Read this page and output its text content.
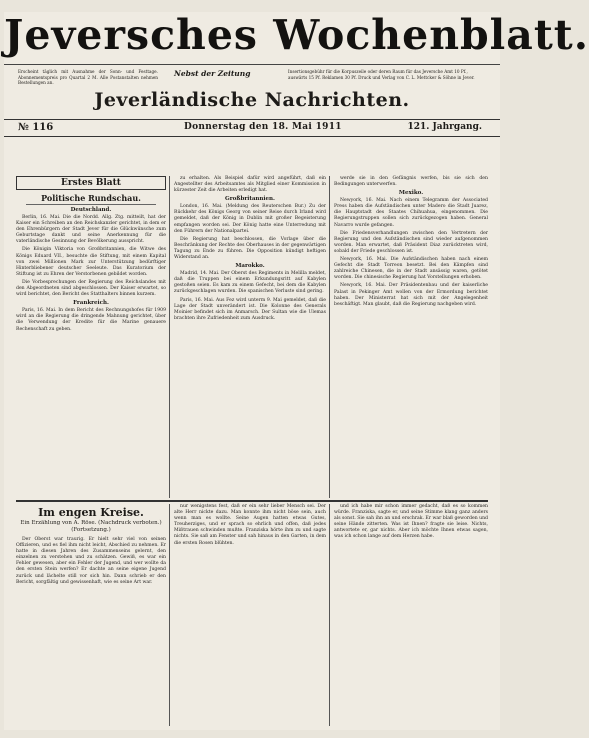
Jeversches Wochenblatt.
Erscheint täglich mit Ausnahme der Sonn- und Festtage. Abonnementspreis pro Quartal 2 M. Alle Postanstalten nehmen Bestellungen an.
Nebst der Zeitung	Insertionsgebühr für die Korpuszeile oder deren Raum für das Jeversche Amt 10 Pf., auswärts 15 Pf. Reklamen 30 Pf. Druck und Verlag von C. L. Mettcker & Söhne in Jever.
Jeverländische Nachrichten.
№ 116	Donnerstag den 18. Mai 1911	121. Jahrgang.
Erstes Blatt
Politische Rundschau.
Deutschland.

Berlin, 16. Mai. Die die Nordd. Allg. Ztg. mitteilt, hat der Kaiser ein Schreiben an den Reichskanzler gerichtet, in dem er den Ehrenbürgern der Stadt Jever für die Glückwünsche zum Geburtstage dankt und seine Anerkennung für die vaterländische Gesinnung der Bevölkerung ausspricht.

Die Königin Viktoria von Großbritannien, die Witwe des Königs Eduard VII., besuchte die Stiftung, mit einem Kapital von zwei Millionen Mark zur Unterstützung bedürftiger Hinterbliebener deutscher Seeleute. Das Kuratorium der Stiftung ist zu Ehren der Verstorbenen gebildet worden.

Die Vorbesprechungen der Regierung des Reichslandes mit den Abgeordneten sind abgeschlossen. Der Kaiser erwartet, so wird berichtet, den Bericht des Statthalters binnen kurzem.

Frankreich.

Paris, 16. Mai. In dem Bericht des Rechnungshofes für 1909 wird an die Regierung die dringende Mahnung gerichtet, über die Verwendung der Kredite für die Marine genauere Rechenschaft zu geben.

zu erhalten. Als Beispiel dafür wird angeführt, daß ein Angestellter des Arbeitsamtes als Mitglied einer Kommission in kürzester Zeit die Arbeiten erledigt hat.

Großbritannien.

London, 16. Mai. (Meldung des Reuterschen Bur.) Zu der Rückkehr des Königs Georg von seiner Reise durch Irland wird gemeldet, daß der König in Dublin mit großer Begeisterung empfangen worden sei. Der König hatte eine Unterredung mit den Führern der Nationalpartei.

Die Regierung hat beschlossen, die Vorlage über die Beschränkung der Rechte des Oberhauses in der gegenwärtigen Tagung zu Ende zu führen. Die Opposition kündigt heftigen Widerstand an.

Marokko.

Madrid, 14. Mai. Der Oberst des Regiments in Melilla meldet, daß die Truppen bei einem Erkundungsritt auf Kabylen gestoßen seien. Es kam zu einem Gefecht, bei dem die Kabylen zurückgeschlagen wurden. Die spanischen Verluste sind gering.

Paris, 16. Mai. Aus Fez wird unterm 9. Mai gemeldet, daß die Lage der Stadt unverändert ist. Die Kolonne des Generals Moinier befindet sich im Anmarsch. Der Sultan wie die Ulemas brachten ihre Zufriedenheit zum Ausdruck.

werde sie in den Gefängnis werfen, bis sie sich den Bedingungen unterwerfen.

Mexiko.

Newyork, 16. Mai. Nach einem Telegramm der Associated Press haben die Aufständischen unter Madero die Stadt Juarez, die Hauptstadt des Staates Chihuahua, eingenommen. Die Regierungstruppen sollen sich zurückgezogen haben. General Navarro wurde gefangen.

Die Friedensverhandlungen zwischen den Vertretern der Regierung und den Aufständischen sind wieder aufgenommen worden. Man erwartet, daß Präsident Diaz zurücktreten wird, sobald der Friede geschlossen ist.

Newyork, 16. Mai. Die Aufständischen haben nach einem Gefecht die Stadt Torreon besetzt. Bei den Kämpfen sind zahlreiche Chinesen, die in der Stadt ansässig waren, getötet worden. Die chinesische Regierung hat Vorstellungen erhoben.

Newyork, 16. Mai. Der Präsidentenbau und der kaiserliche Palast in Pekinger Amt wollen von der Ermordung berichtet haben. Der Ministerrat hat sich mit der Angelegenheit beschäftigt. Man glaubt, daß die Regierung nachgeben wird.

Im engen Kreise.
Ein Erzählung von A. Röse. (Nachdruck verboten.) (Fortsetzung.)

Der Oberst war traurig. Er hielt sehr viel von seinen Offizieren, und es fiel ihm nicht leicht, Abschied zu nehmen. Er hatte in diesen Jahren des Zusammenseins gelernt, den einzelnen zu verstehen und zu schätzen. Gewiß, es war ein Fehler gewesen, aber ein Fehler der Jugend, und wer wollte da den ersten Stein werfen? Er dachte an seine eigene Jugend zurück und lächelte still vor sich hin. Dann schrieb er den Bericht, sorgfältig und gewissenhaft, wie es seine Art war.

nur wenigstens fest, daß er ein sehr lieber Mensch sei. Der alte Herr nickte dazu. Man konnte ihm nicht böse sein, auch wenn man es wollte. Seine Augen hatten etwas Gutes, Treuherziges, und er sprach so ehrlich und offen, daß jedes Mißtrauen schwinden mußte. Franziska hörte ihm zu und sagte nichts. Sie saß am Fenster und sah hinaus in den Garten, in dem die ersten Rosen blühten.

und ich habe mir schon immer gedacht, daß es so kommen würde. Franziska, sagte er, und seine Stimme klang ganz anders als sonst. Sie sah ihn an und erschrak. Er war blaß geworden und seine Hände zitterten. Was ist Ihnen? fragte sie leise. Nichts, antwortete er, gar nichts. Aber ich möchte Ihnen etwas sagen, was ich schon lange auf dem Herzen habe.
